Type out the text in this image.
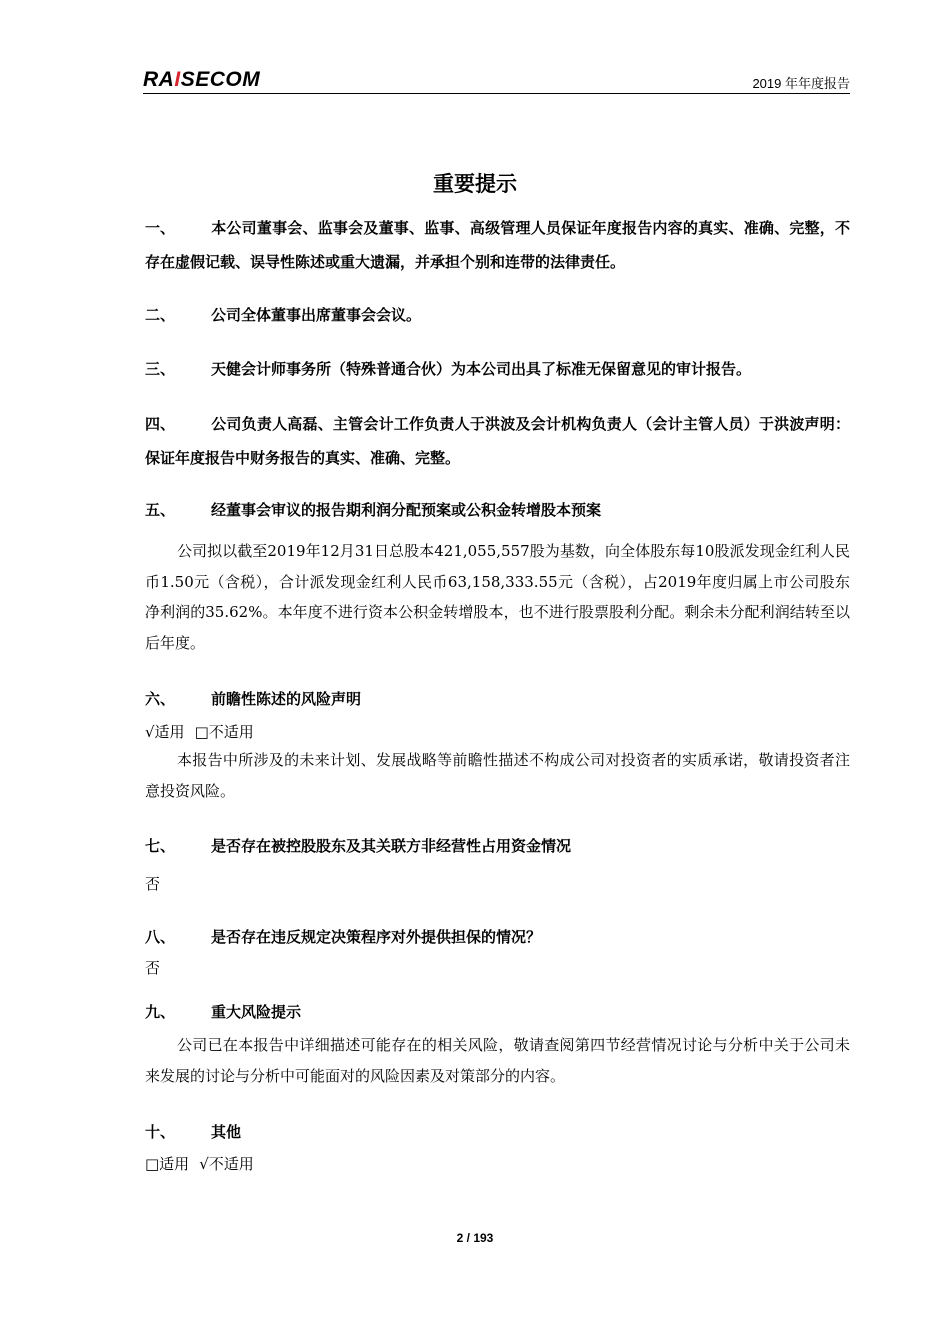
RAISECOM	2019 年年度报告
重要提示
一、 本公司董事会、监事会及董事、监事、高级管理人员保证年度报告内容的真实、准确、完整，不存在虚假记载、误导性陈述或重大遗漏，并承担个别和连带的法律责任。
二、 公司全体董事出席董事会会议。
三、 天健会计师事务所（特殊普通合伙）为本公司出具了标准无保留意见的审计报告。
四、 公司负责人高磊、主管会计工作负责人于洪波及会计机构负责人（会计主管人员）于洪波声明：保证年度报告中财务报告的真实、准确、完整。
五、 经董事会审议的报告期利润分配预案或公积金转增股本预案
公司拟以截至2019年12月31日总股本421,055,557股为基数，向全体股东每10股派发现金红利人民币1.50元（含税），合计派发现金红利人民币63,158,333.55元（含税），占2019年度归属上市公司股东净利润的35.62%。本年度不进行资本公积金转增股本，也不进行股票股利分配。剩余未分配利润结转至以后年度。
六、 前瞻性陈述的风险声明
√适用 □不适用
本报告中所涉及的未来计划、发展战略等前瞻性描述不构成公司对投资者的实质承诺，敬请投资者注意投资风险。
七、 是否存在被控股股东及其关联方非经营性占用资金情况
否
八、 是否存在违反规定决策程序对外提供担保的情况？
否
九、 重大风险提示
公司已在本报告中详细描述可能存在的相关风险，敬请查阅第四节经营情况讨论与分析中关于公司未来发展的讨论与分析中可能面对的风险因素及对策部分的内容。
十、 其他
□适用 √不适用
2 / 193
